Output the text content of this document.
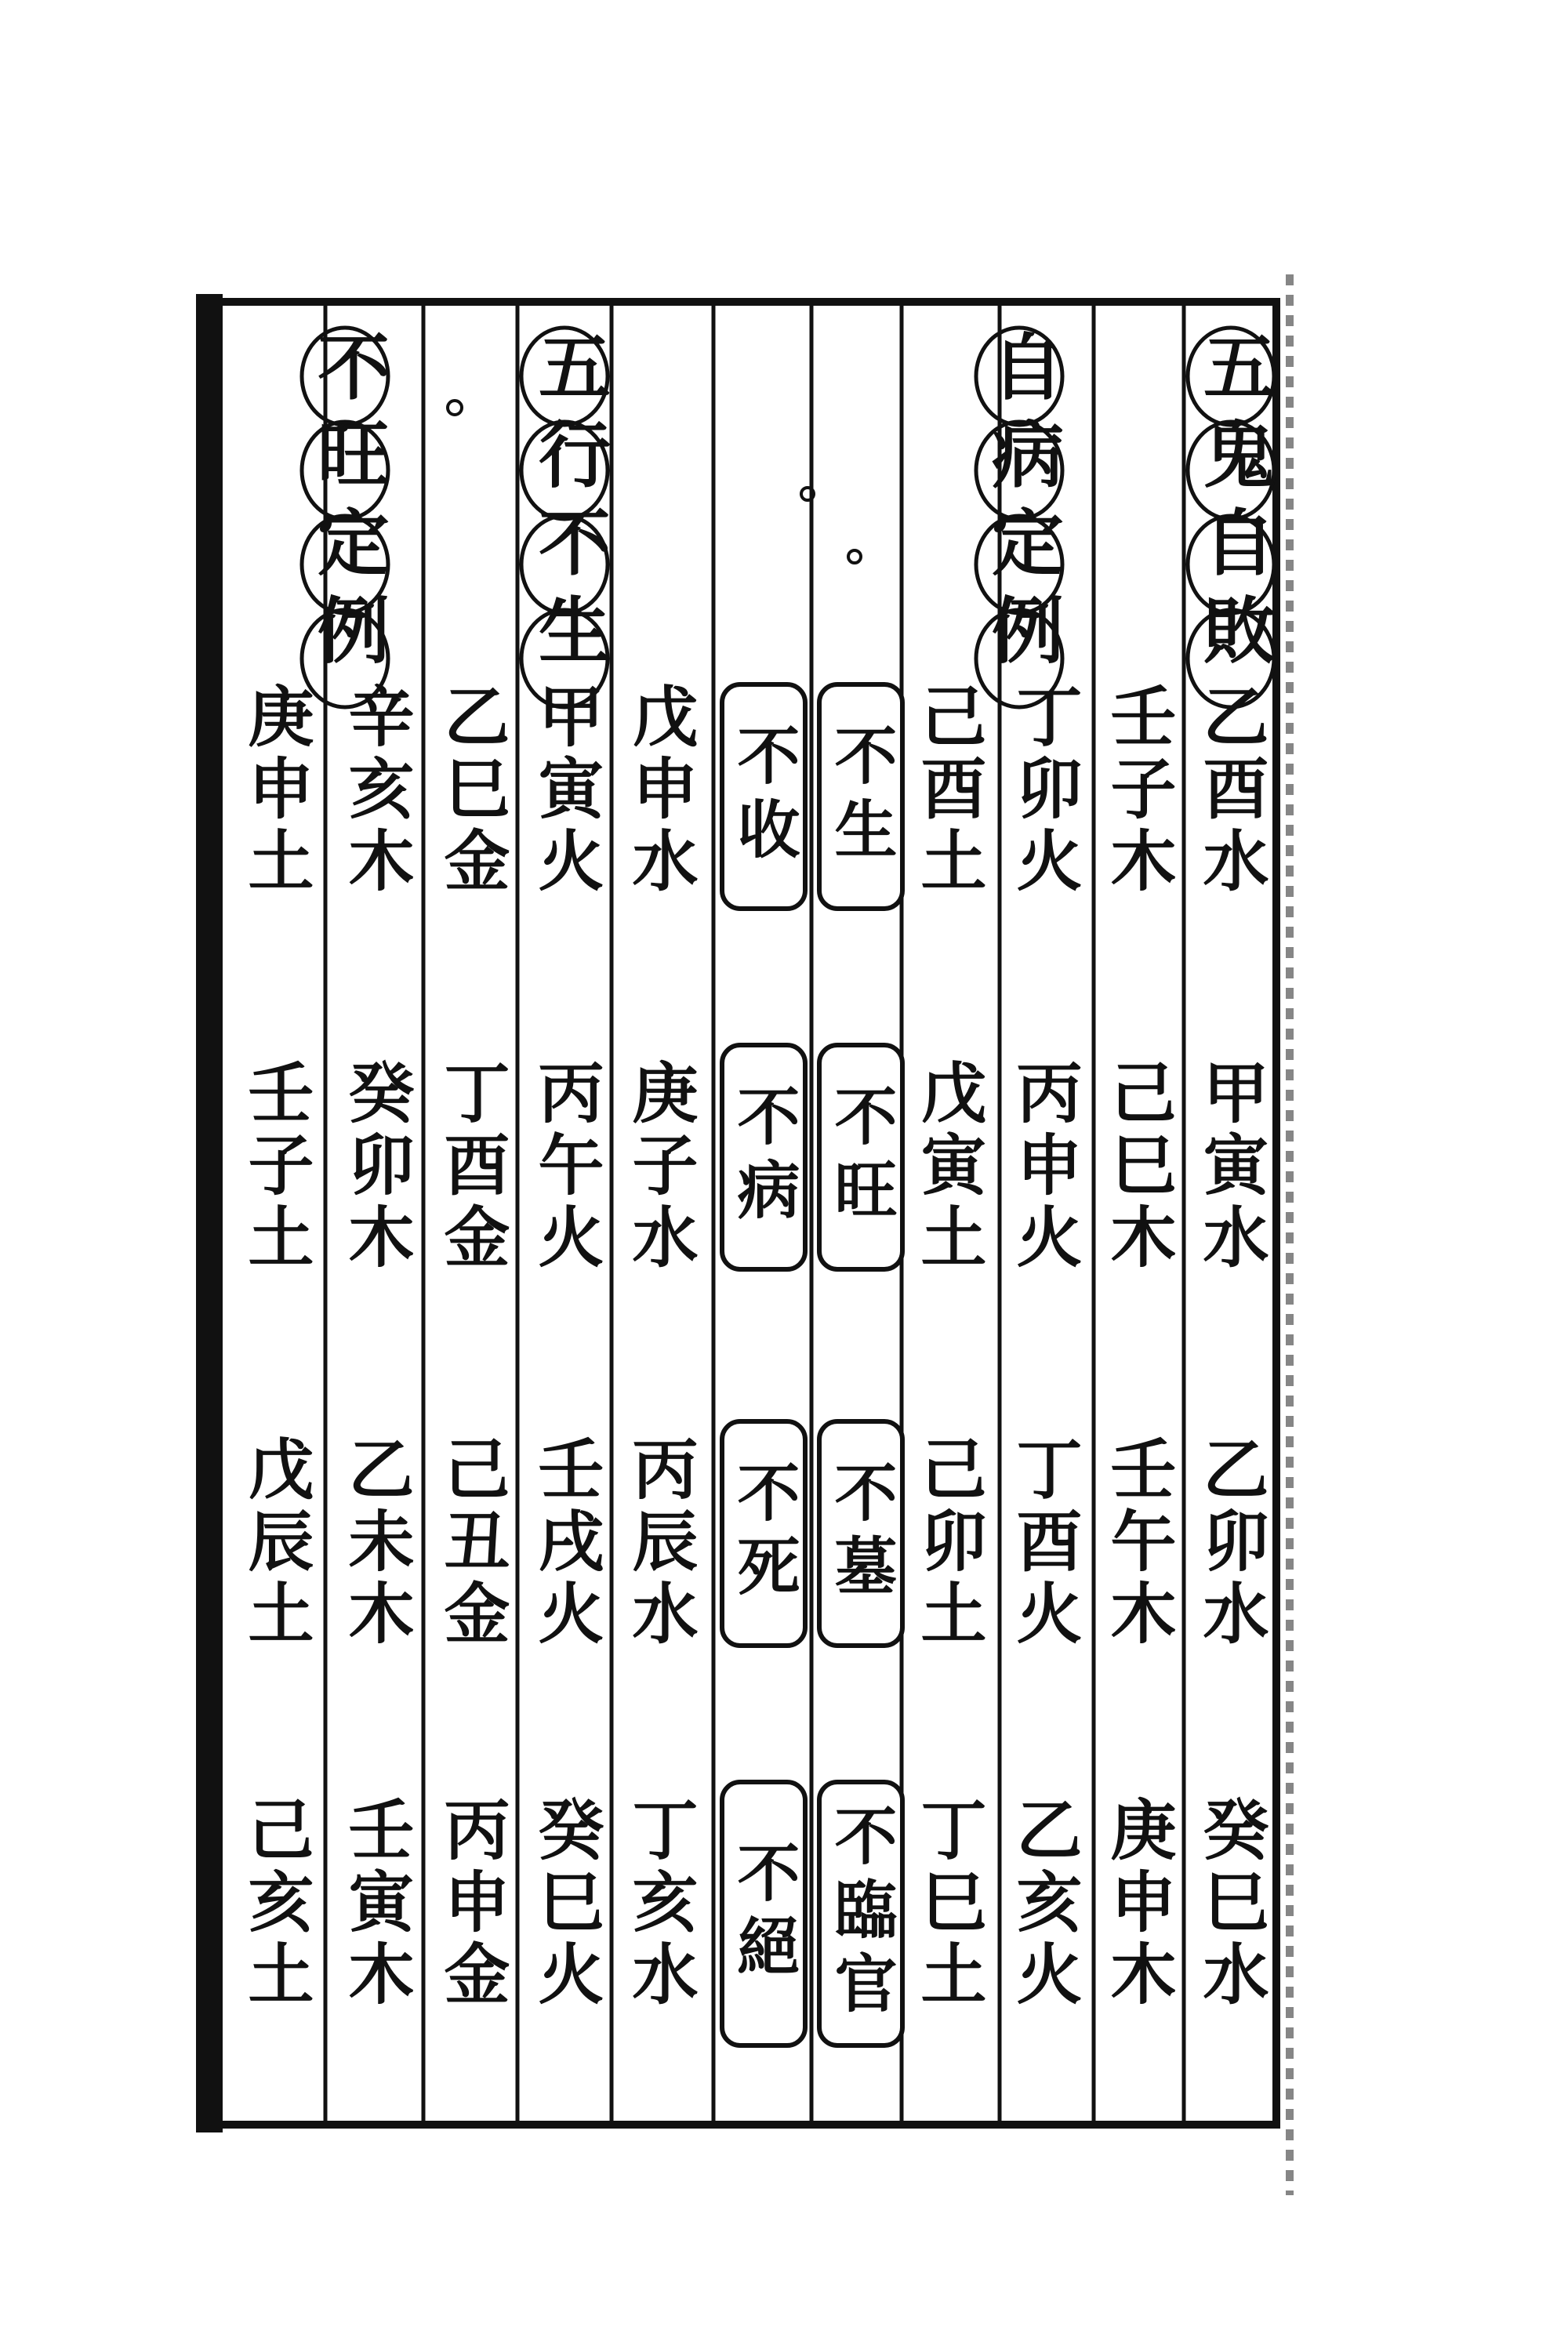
五鬼自敗
乙酉水
甲寅水
乙卯水
癸巳水
壬子木
己巳木
壬午木
庚申木
丁卯火
丙申火
丁酉火
乙亥火
自病定例
己酉土
戊寅土
己卯土
丁巳土
不生
不旺
不墓
不臨官
不收
不病
不死
不絕
戊申水
庚子水
丙辰水
丁亥水
五行不生
甲寅火
丙午火
壬戌火
癸巳火
乙巳金
丁酉金
己丑金
丙申金
不旺定例
辛亥木
癸卯木
乙未木
壬寅木
庚申土
壬子土
戊辰土
己亥土
